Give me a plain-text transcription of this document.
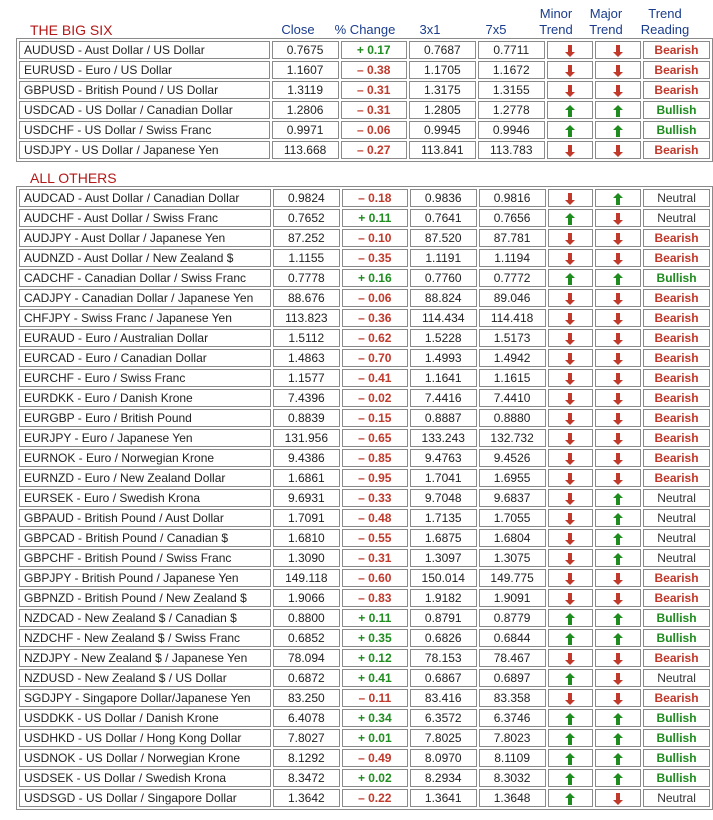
Close	% Change	3x1	7x5
Minor
Trend
Major
Trend
Trend
Reading
THE BIG SIX
AUDUSD - Aust Dollar / US Dollar	0.7675	+ 0.17	0.7687	0.7711			Bearish
EURUSD - Euro / US Dollar	1.1607	– 0.38	1.1705	1.1672			Bearish
GBPUSD - British Pound / US Dollar	1.3119	– 0.31	1.3175	1.3155			Bearish
USDCAD - US Dollar / Canadian Dollar	1.2806	– 0.31	1.2805	1.2778			Bullish
USDCHF - US Dollar / Swiss Franc	0.9971	– 0.06	0.9945	0.9946			Bullish
USDJPY - US Dollar / Japanese Yen	113.668	– 0.27	113.841	113.783			Bearish
ALL OTHERS
AUDCAD - Aust Dollar / Canadian Dollar	0.9824	– 0.18	0.9836	0.9816			Neutral
AUDCHF - Aust Dollar / Swiss Franc	0.7652	+ 0.11	0.7641	0.7656			Neutral
AUDJPY - Aust Dollar / Japanese Yen	87.252	– 0.10	87.520	87.781			Bearish
AUDNZD - Aust Dollar / New Zealand $	1.1155	– 0.35	1.1191	1.1194			Bearish
CADCHF - Canadian Dollar / Swiss Franc	0.7778	+ 0.16	0.7760	0.7772			Bullish
CADJPY - Canadian Dollar / Japanese Yen	88.676	– 0.06	88.824	89.046			Bearish
CHFJPY - Swiss Franc / Japanese Yen	113.823	– 0.36	114.434	114.418			Bearish
EURAUD - Euro / Australian Dollar	1.5112	– 0.62	1.5228	1.5173			Bearish
EURCAD - Euro / Canadian Dollar	1.4863	– 0.70	1.4993	1.4942			Bearish
EURCHF - Euro / Swiss Franc	1.1577	– 0.41	1.1641	1.1615			Bearish
EURDKK - Euro / Danish Krone	7.4396	– 0.02	7.4416	7.4410			Bearish
EURGBP - Euro / British Pound	0.8839	– 0.15	0.8887	0.8880			Bearish
EURJPY - Euro / Japanese Yen	131.956	– 0.65	133.243	132.732			Bearish
EURNOK - Euro / Norwegian Krone	9.4386	– 0.85	9.4763	9.4526			Bearish
EURNZD - Euro / New Zealand Dollar	1.6861	– 0.95	1.7041	1.6955			Bearish
EURSEK - Euro / Swedish Krona	9.6931	– 0.33	9.7048	9.6837			Neutral
GBPAUD - British Pound / Aust Dollar	1.7091	– 0.48	1.7135	1.7055			Neutral
GBPCAD - British Pound / Canadian $	1.6810	– 0.55	1.6875	1.6804			Neutral
GBPCHF - British Pound / Swiss Franc	1.3090	– 0.31	1.3097	1.3075			Neutral
GBPJPY - British Pound / Japanese Yen	149.118	– 0.60	150.014	149.775			Bearish
GBPNZD - British Pound / New Zealand $	1.9066	– 0.83	1.9182	1.9091			Bearish
NZDCAD - New Zealand $ / Canadian $	0.8800	+ 0.11	0.8791	0.8779			Bullish
NZDCHF - New Zealand $ / Swiss Franc	0.6852	+ 0.35	0.6826	0.6844			Bullish
NZDJPY - New Zealand $ / Japanese Yen	78.094	+ 0.12	78.153	78.467			Bearish
NZDUSD - New Zealand $ / US Dollar	0.6872	+ 0.41	0.6867	0.6897			Neutral
SGDJPY - Singapore Dollar/Japanese Yen	83.250	– 0.11	83.416	83.358			Bearish
USDDKK - US Dollar / Danish Krone	6.4078	+ 0.34	6.3572	6.3746			Bullish
USDHKD - US Dollar / Hong Kong Dollar	7.8027	+ 0.01	7.8025	7.8023			Bullish
USDNOK - US Dollar / Norwegian Krone	8.1292	– 0.49	8.0970	8.1109			Bullish
USDSEK - US Dollar / Swedish Krona	8.3472	+ 0.02	8.2934	8.3032			Bullish
USDSGD - US Dollar / Singapore Dollar	1.3642	– 0.22	1.3641	1.3648			Neutral
